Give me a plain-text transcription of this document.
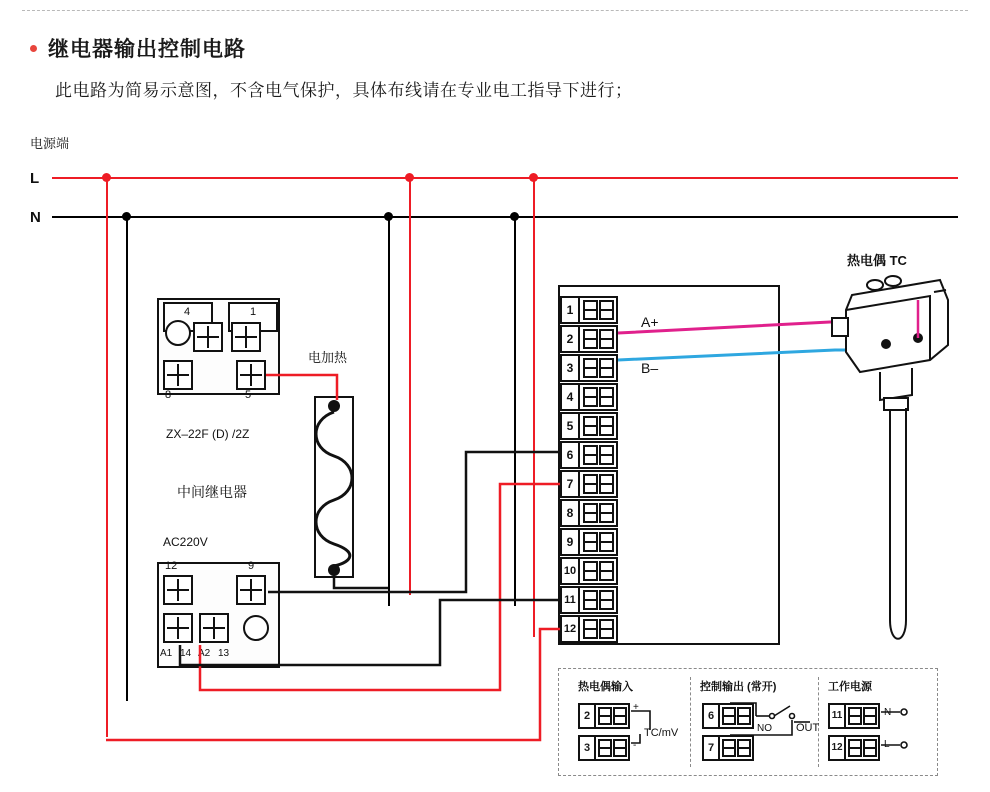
继电器输出控制电路
此电路为简易示意图，不含电气保护，具体布线请在专业电工指导下进行；
电源端
L
N
4	1
8	5
ZX–22F (D) /2Z
中间继电器
AC220V
12	9
A1 14 A2 13
电加热
1
2
3
4
5
6
7
8
9
10
11
12
A+
B–
热电偶 TC
热电偶输入
2
+
3	-
TC/mV
控制输出 (常开)
6
7
NO OUT
工作电源
11	N
12	L
